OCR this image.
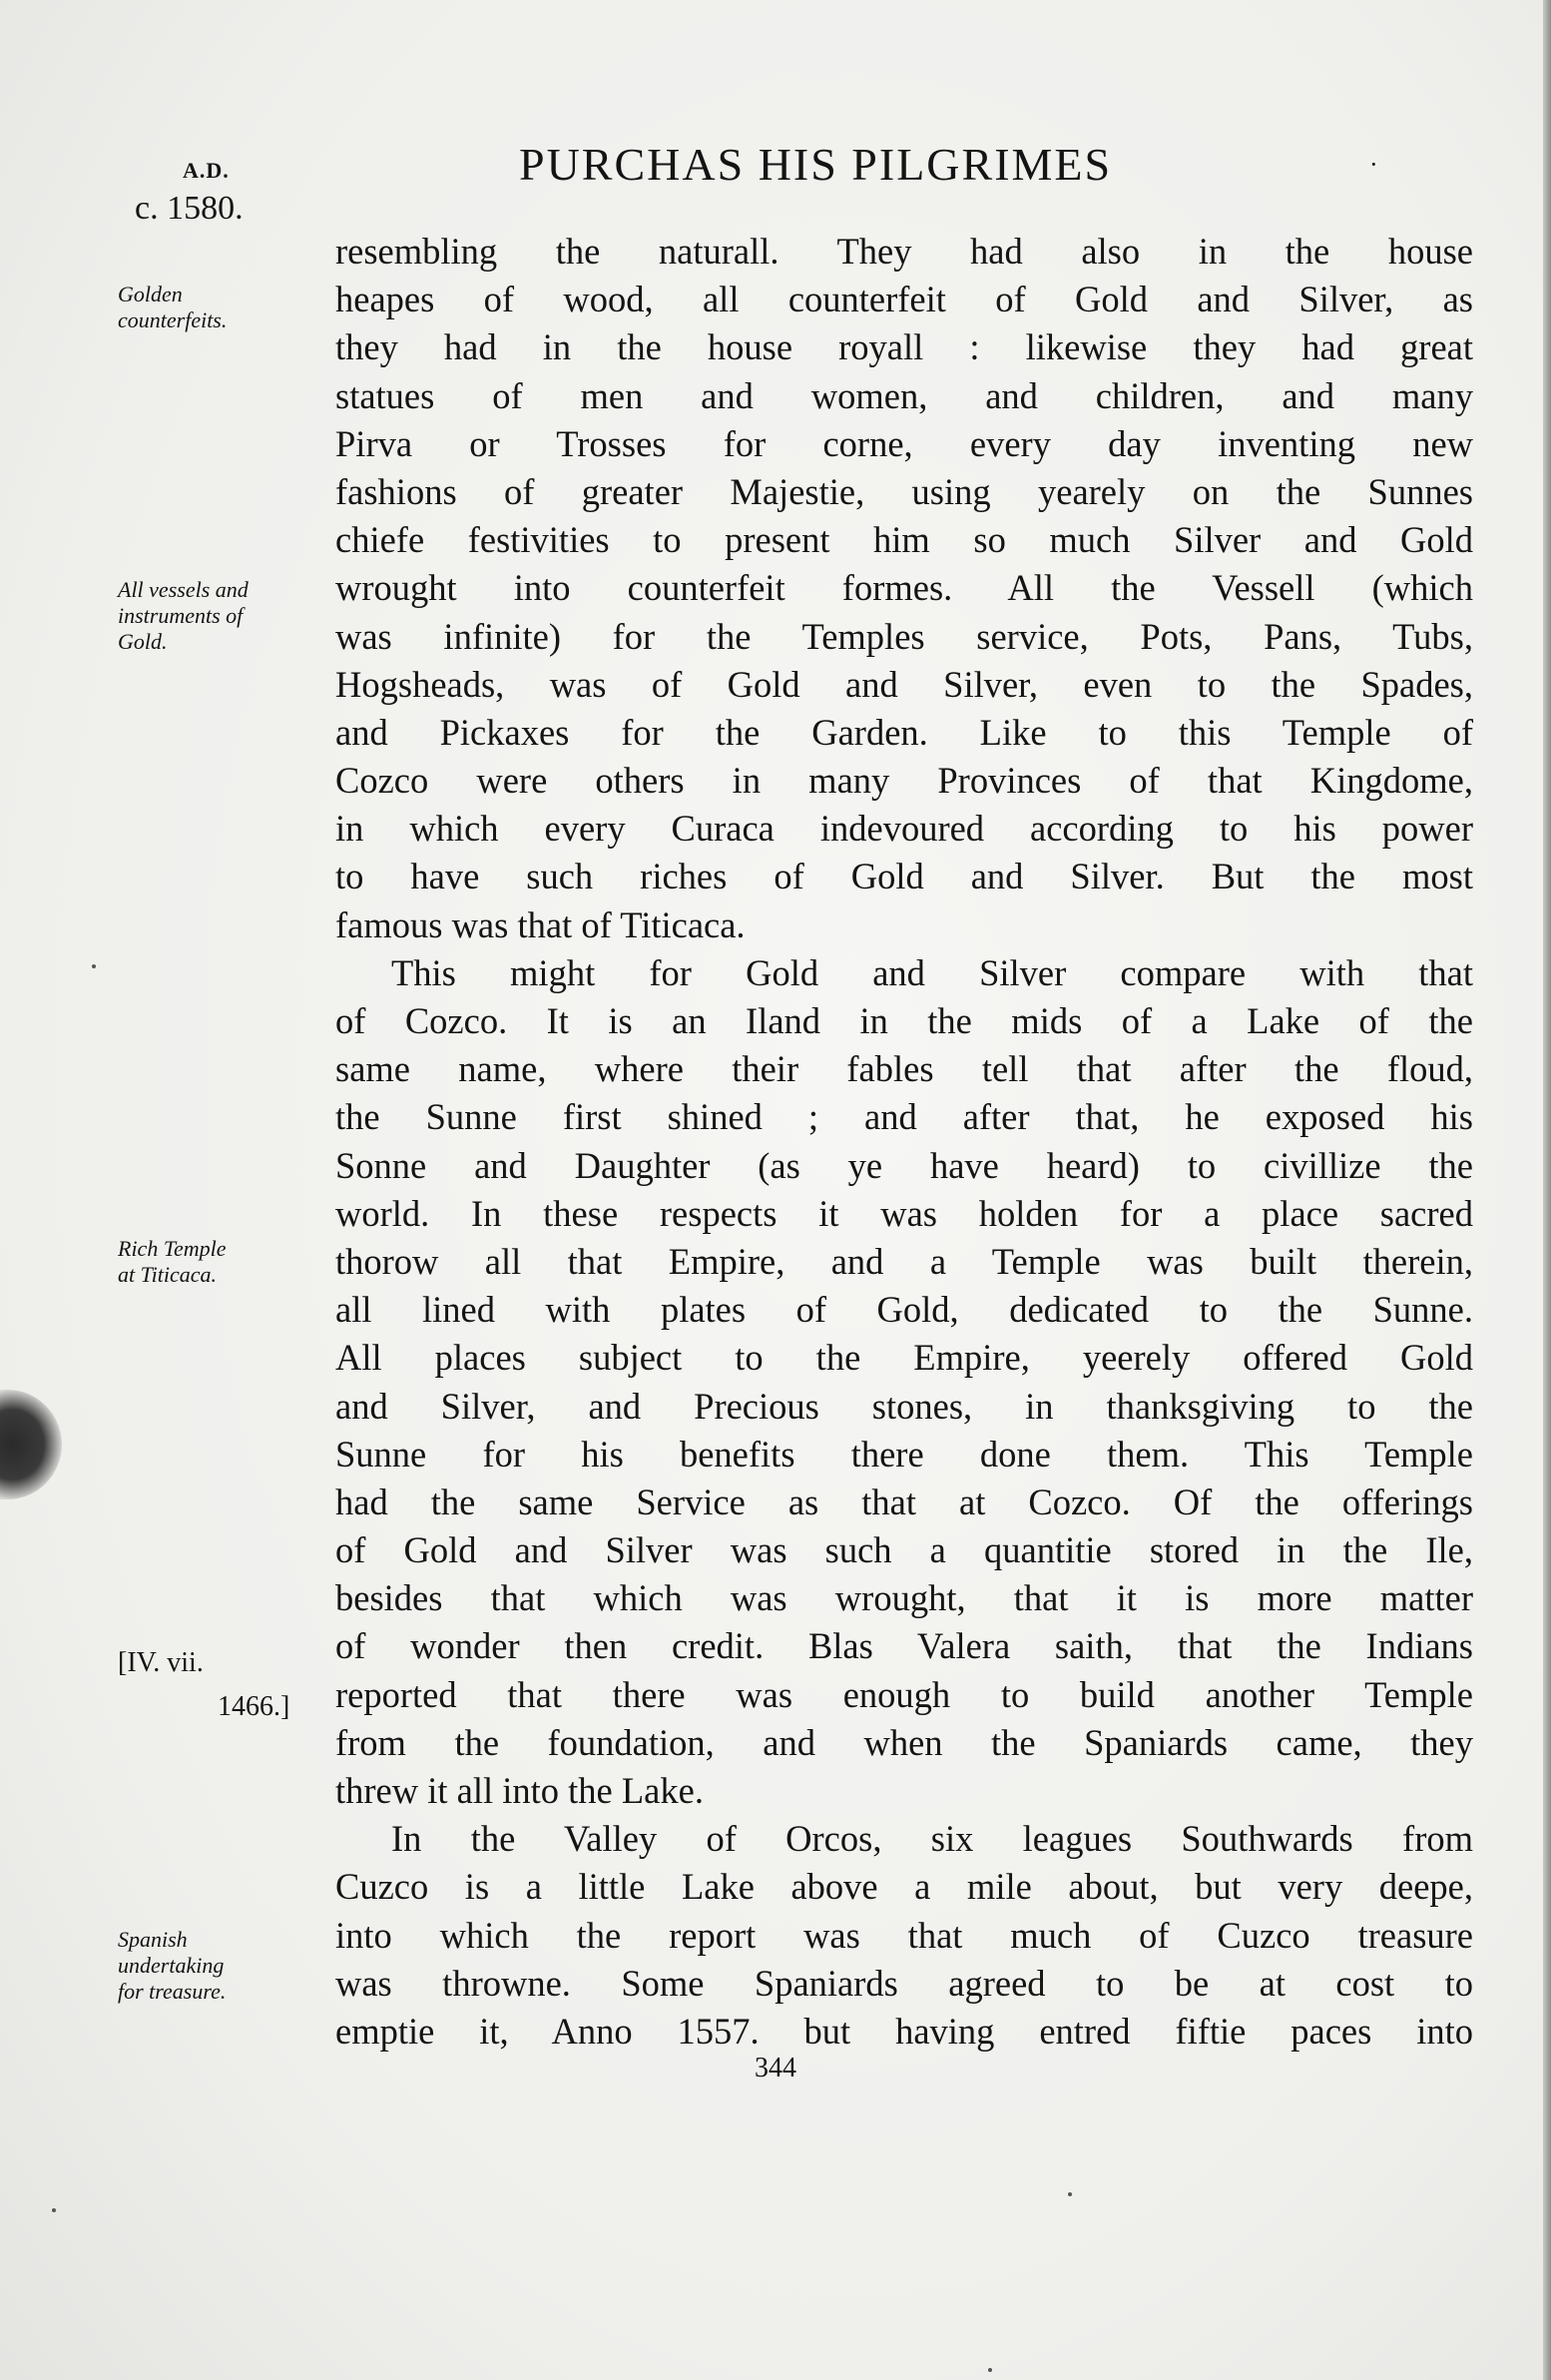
A.D.	PURCHAS HIS PILGRIMES
c. 1580.
·
Golden
counterfeits.
All vessels and
instruments of
Gold.
Rich Temple
at Titicaca.
Spanish
undertaking
for treasure.
[IV. vii.
1466.]
resembling the naturall. They had also in the house
heapes of wood, all counterfeit of Gold and Silver, as
they had in the house royall : likewise they had great
statues of men and women, and children, and many
Pirva or Trosses for corne, every day inventing new
fashions of greater Majestie, using yearely on the Sunnes
chiefe festivities to present him so much Silver and Gold
wrought into counterfeit formes. All the Vessell (which
was infinite) for the Temples service, Pots, Pans, Tubs,
Hogsheads, was of Gold and Silver, even to the Spades,
and Pickaxes for the Garden. Like to this Temple of
Cozco were others in many Provinces of that Kingdome,
in which every Curaca indevoured according to his power
to have such riches of Gold and Silver. But the most
famous was that of Titicaca.
This might for Gold and Silver compare with that
of Cozco. It is an Iland in the mids of a Lake of the
same name, where their fables tell that after the floud,
the Sunne first shined ; and after that, he exposed his
Sonne and Daughter (as ye have heard) to civillize the
world. In these respects it was holden for a place sacred
thorow all that Empire, and a Temple was built therein,
all lined with plates of Gold, dedicated to the Sunne.
All places subject to the Empire, yeerely offered Gold
and Silver, and Precious stones, in thanksgiving to the
Sunne for his benefits there done them. This Temple
had the same Service as that at Cozco. Of the offerings
of Gold and Silver was such a quantitie stored in the Ile,
besides that which was wrought, that it is more matter
of wonder then credit. Blas Valera saith, that the Indians
reported that there was enough to build another Temple
from the foundation, and when the Spaniards came, they
threw it all into the Lake.
In the Valley of Orcos, six leagues Southwards from
Cuzco is a little Lake above a mile about, but very deepe,
into which the report was that much of Cuzco treasure
was throwne. Some Spaniards agreed to be at cost to
emptie it, Anno 1557. but having entred fiftie paces into
344
